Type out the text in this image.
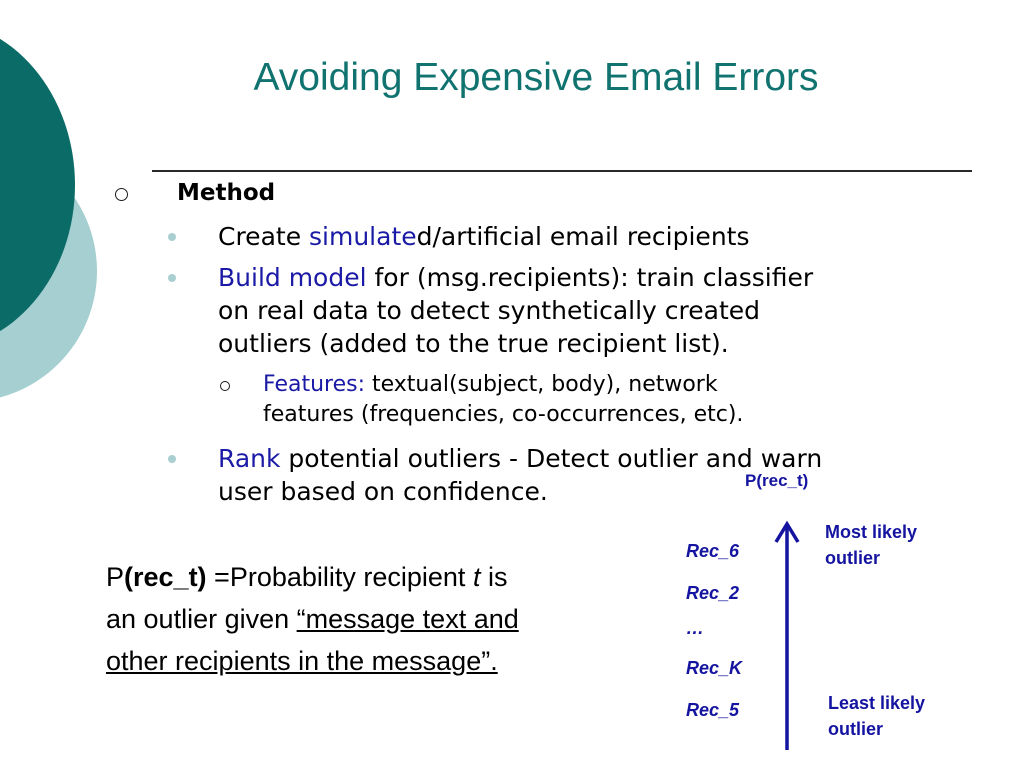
Avoiding Expensive Email Errors
Method
Create simulated/artificial email recipients
Build model for (msg.recipients): train classifier
on real data to detect synthetically created
outliers (added to the true recipient list).
Features: textual(subject, body), network
features (frequencies, co-occurrences, etc).
Rank potential outliers - Detect outlier and warn
user based on confidence.
P(rec_t) =Probability recipient t is
an outlier given “message text and
other recipients in the message”.
P(rec_t)
Rec_6
Rec_2
…
Rec_K
Rec_5
Most likely
outlier
Least likely
outlier
